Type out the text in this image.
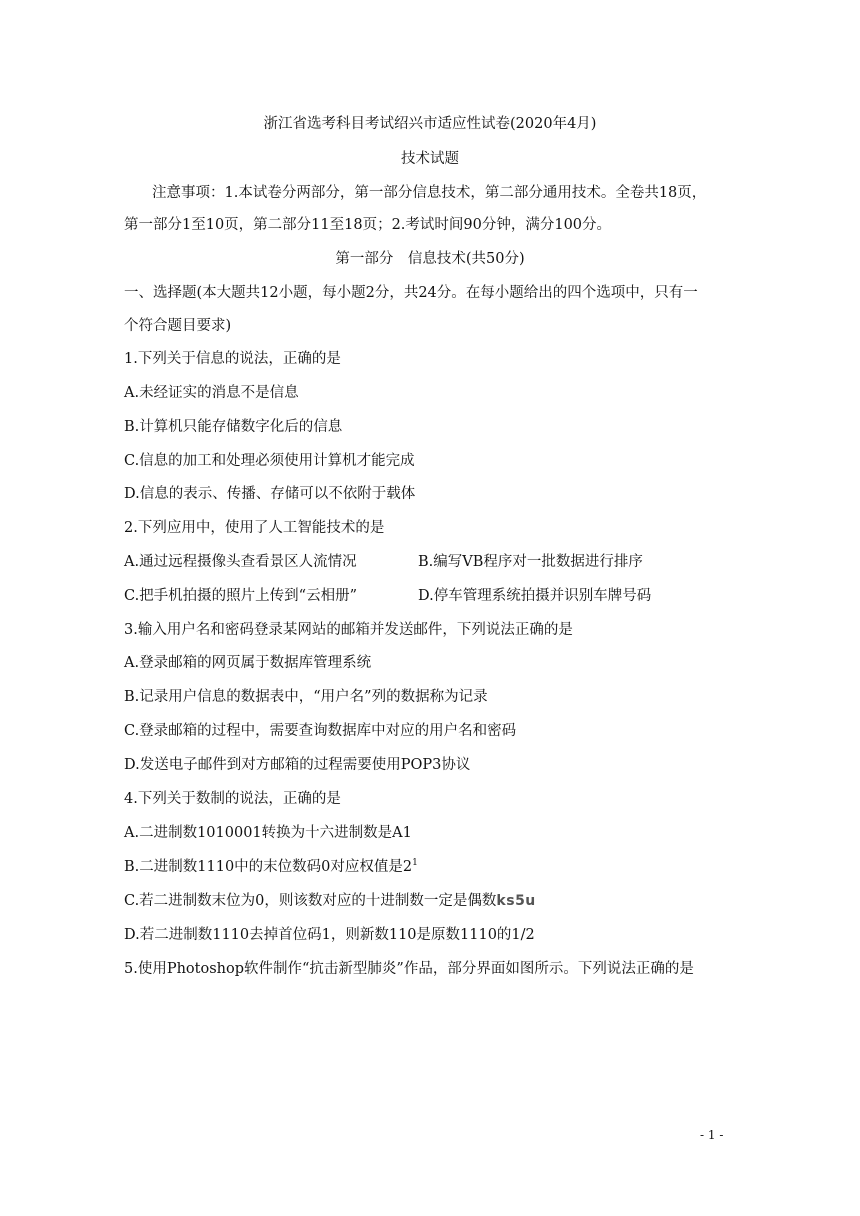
浙江省选考科目考试绍兴市适应性试卷(2020年4月)
技术试题
注意事项：1.本试卷分两部分，第一部分信息技术，第二部分通用技术。全卷共18页，
第一部分1至10页，第二部分11至18页；2.考试时间90分钟，满分100分。
第一部分　信息技术(共50分)
一、选择题(本大题共12小题，每小题2分，共24分。在每小题给出的四个选项中，只有一
个符合题目要求)
1.下列关于信息的说法，正确的是
A.未经证实的消息不是信息
B.计算机只能存储数字化后的信息
C.信息的加工和处理必须使用计算机才能完成
D.信息的表示、传播、存储可以不依附于载体
2.下列应用中，使用了人工智能技术的是
A.通过远程摄像头查看景区人流情况	B.编写VB程序对一批数据进行排序
C.把手机拍摄的照片上传到“云相册”	D.停车管理系统拍摄并识别车牌号码
3.输入用户名和密码登录某网站的邮箱并发送邮件，下列说法正确的是
A.登录邮箱的网页属于数据库管理系统
B.记录用户信息的数据表中，“用户名”列的数据称为记录
C.登录邮箱的过程中，需要查询数据库中对应的用户名和密码
D.发送电子邮件到对方邮箱的过程需要使用POP3协议
4.下列关于数制的说法，正确的是
A.二进制数1010001转换为十六进制数是A1
B.二进制数1110中的末位数码0对应权值是$2^1$
C.若二进制数末位为0，则该数对应的十进制数一定是偶数ks5u
D.若二进制数1110去掉首位码1，则新数110是原数1110的1/2
5.使用Photoshop软件制作“抗击新型肺炎”作品，部分界面如图所示。下列说法正确的是
- 1 -
